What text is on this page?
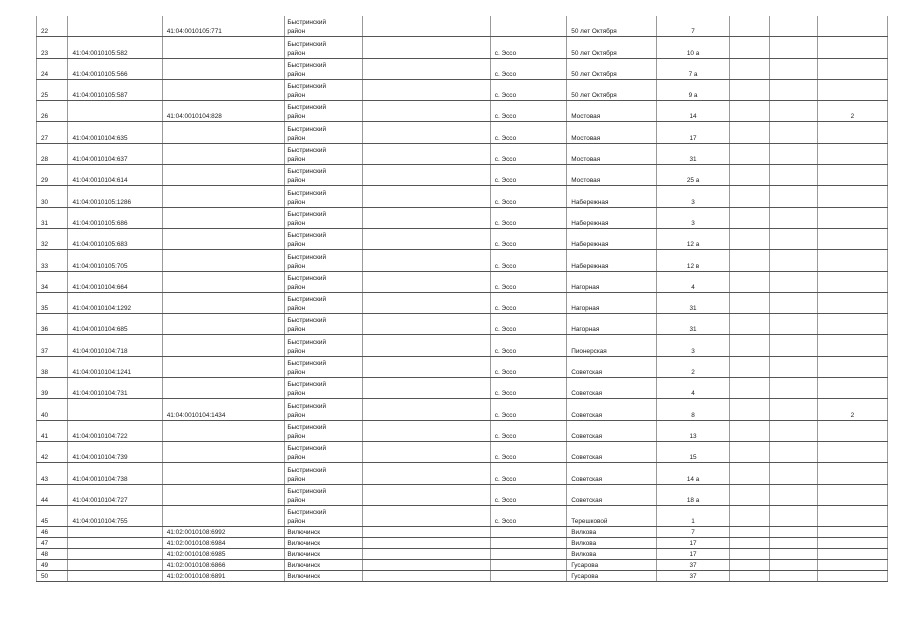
22		41:04:0010105:771	Быстринский
район			50 лет Октября	7			
23	41:04:0010105:582		Быстринский
район		с. Эссо	50 лет Октября	10 а			
24	41:04:0010105:566		Быстринский
район		с. Эссо	50 лет Октября	7 а			
25	41:04:0010105:587		Быстринский
район		с. Эссо	50 лет Октября	9 а			
26		41:04:0010104:828	Быстринский
район		с. Эссо	Мостовая	14			2
27	41:04:0010104:635		Быстринский
район		с. Эссо	Мостовая	17			
28	41:04:0010104:637		Быстринский
район		с. Эссо	Мостовая	31			
29	41:04:0010104:614		Быстринский
район		с. Эссо	Мостовая	25 а			
30	41:04:0010105:1286		Быстринский
район		с. Эссо	Набережная	3			
31	41:04:0010105:686		Быстринский
район		с. Эссо	Набережная	3			
32	41:04:0010105:683		Быстринский
район		с. Эссо	Набережная	12 а			
33	41:04:0010105:705		Быстринский
район		с. Эссо	Набережная	12 в			
34	41:04:0010104:664		Быстринский
район		с. Эссо	Нагорная	4			
35	41:04:0010104:1292		Быстринский
район		с. Эссо	Нагорная	31			
36	41:04:0010104:685		Быстринский
район		с. Эссо	Нагорная	31			
37	41:04:0010104:718		Быстринский
район		с. Эссо	Пионерская	3			
38	41:04:0010104:1241		Быстринский
район		с. Эссо	Советская	2			
39	41:04:0010104:731		Быстринский
район		с. Эссо	Советская	4			
40		41:04:0010104:1434	Быстринский
район		с. Эссо	Советская	8			2
41	41:04:0010104:722		Быстринский
район		с. Эссо	Советская	13			
42	41:04:0010104:739		Быстринский
район		с. Эссо	Советская	15			
43	41:04:0010104:738		Быстринский
район		с. Эссо	Советская	14 а			
44	41:04:0010104:727		Быстринский
район		с. Эссо	Советская	18 а			
45	41:04:0010104:755		Быстринский
район		с. Эссо	Терешковой	1			
46		41:02:0010108:6992	Вилючинск			Вилкова	7			
47		41:02:0010108:6984	Вилючинск			Вилкова	17			
48		41:02:0010108:6985	Вилючинск			Вилкова	17			
49		41:02:0010108:6866	Вилючинск			Гусарова	37			
50		41:02:0010108:6891	Вилючинск			Гусарова	37			
